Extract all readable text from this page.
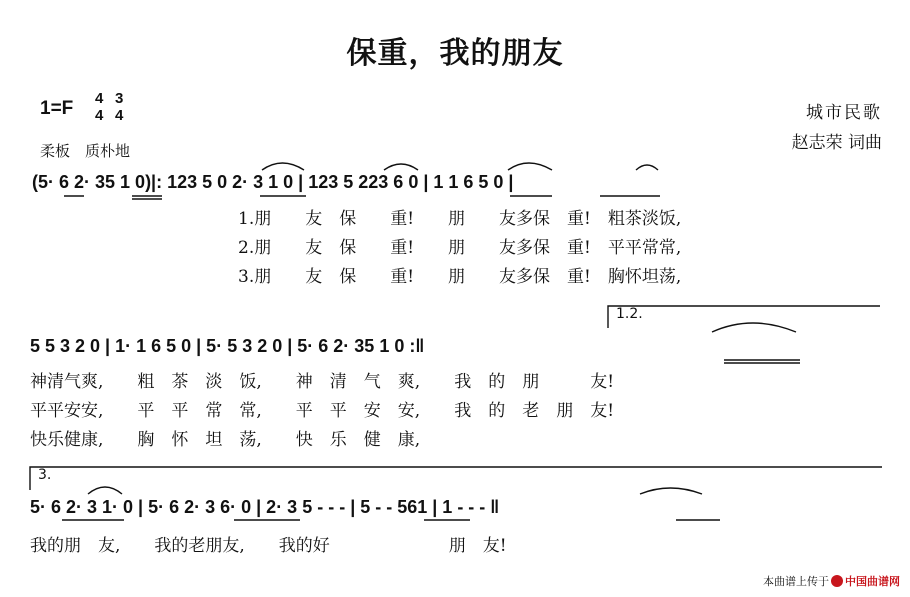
保重，我的朋友
1=F 4
4
3
4
柔板　质朴地
城市民歌
赵志荣 词曲
(5· 6 2· 35 1 0)|: 123 5 0 2· 3 1 0 | 123 5 223 6 0 | 1 1 6 5 0 |
1.朋　　友　保　　重!　　朋　　友多保　重!　粗茶淡饭,
2.朋　　友　保　　重!　　朋　　友多保　重!　平平常常,
3.朋　　友　保　　重!　　朋　　友多保　重!　胸怀坦荡,
1.2.
5 5 3 2 0 | 1· 1 6 5 0 | 5· 5 3 2 0 | 5· 6 2· 35 1 0 :‖
神清气爽,　　粗　茶　淡　饭,　　神　清　气　爽,　　我　的　朋　　　友!
平平安安,　　平　平　常　常,　　平　平　安　安,　　我　的　老　朋　友!
快乐健康,　　胸　怀　坦　荡,　　快　乐　健　康,
3.
5· 6 2· 3 1· 0 | 5· 6 2· 3 6· 0 | 2· 3 5 - - - | 5 - - 561 | 1 - - - ‖
我的朋　友,　　我的老朋友,　　我的好　　　　　　　朋　友!
本曲谱上传于 中国曲谱网
